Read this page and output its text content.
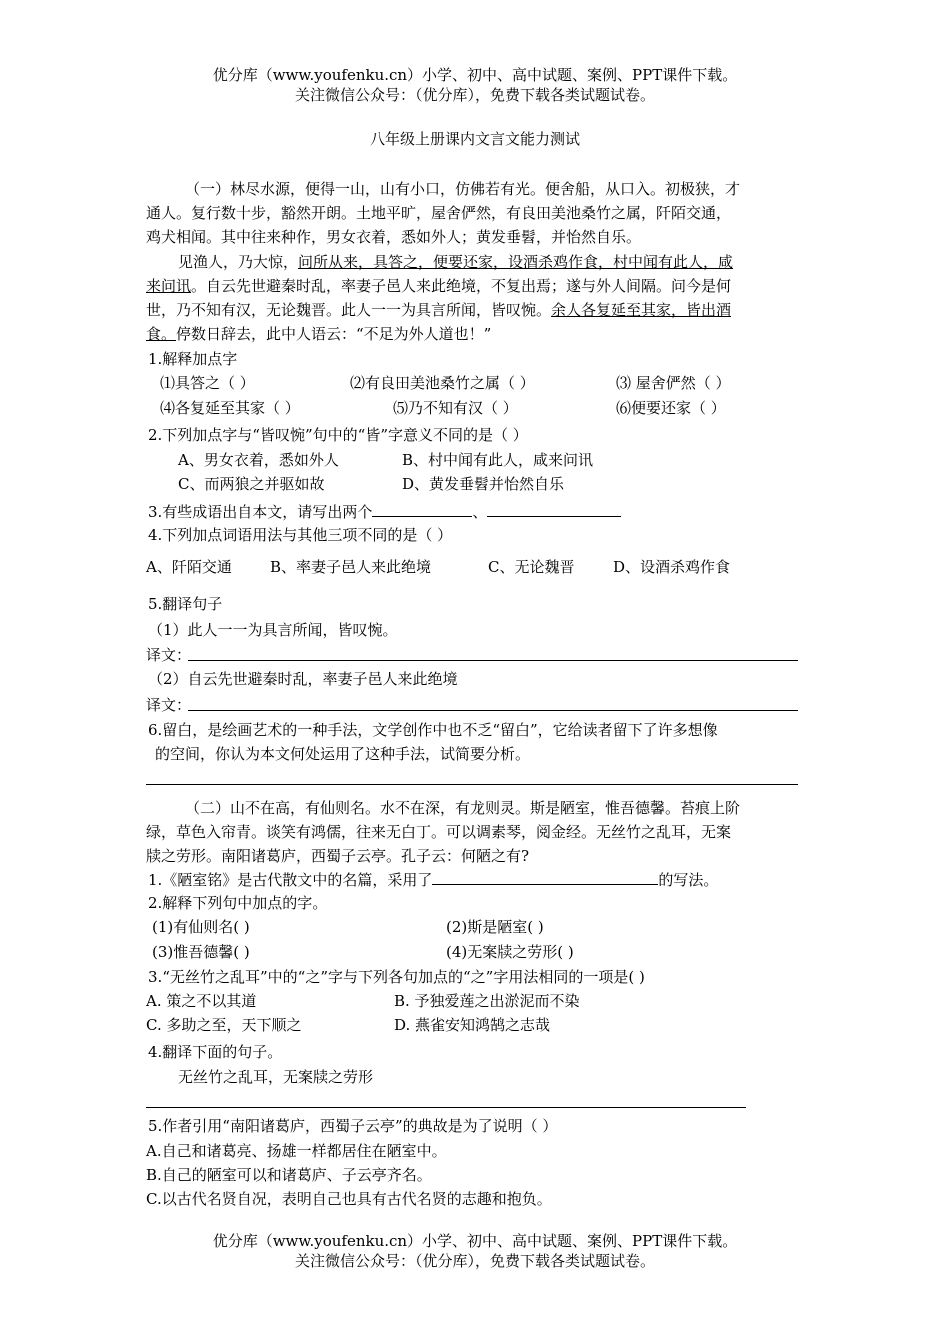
优分库（www.youfenku.cn）小学、初中、高中试题、案例、PPT课件下载。
关注微信公众号：（优分库），免费下载各类试题试卷。
八年级上册课内文言文能力测试
（一）林尽水源，便得一山，山有小口，仿佛若有光。便舍船，从口入。初极狭，才
通人。复行数十步，豁然开朗。土地平旷，屋舍俨然，有良田美池桑竹之属，阡陌交通，
鸡犬相闻。其中往来种作，男女衣着，悉如外人；黄发垂髫，并怡然自乐。
见渔人，乃大惊，问所从来，具答之，便要还家，设酒杀鸡作食，村中闻有此人，咸
来问讯。自云先世避秦时乱，率妻子邑人来此绝境，不复出焉；遂与外人间隔。问今是何
世，乃不知有汉，无论魏晋。此人一一为具言所闻，皆叹惋。余人各复延至其家，皆出酒
食。停数日辞去，此中人语云：“不足为外人道也！”
1.解释加点字
⑴具答之（ ）	⑵有良田美池桑竹之属（ ）	⑶ 屋舍俨然（ ）
⑷各复延至其家（ ）	⑸乃不知有汉（ ）	⑹便要还家（ ）
2.下列加点字与“皆叹惋”句中的“皆”字意义不同的是（ ）
A、男女衣着，悉如外人	B、村中闻有此人，咸来问讯
C、而两狼之并驱如故	D、黄发垂髫并怡然自乐
3.有些成语出自本文，请写出两个	、
4.下列加点词语用法与其他三项不同的是（ ）
A、阡陌交通	B、率妻子邑人来此绝境	C、无论魏晋	D、设酒杀鸡作食
5.翻译句子
（1）此人一一为具言所闻，皆叹惋。
译文：
（2）自云先世避秦时乱，率妻子邑人来此绝境
译文：
6.留白，是绘画艺术的一种手法，文学创作中也不乏“留白”，它给读者留下了许多想像
的空间，你认为本文何处运用了这种手法，试简要分析。
（二）山不在高，有仙则名。水不在深，有龙则灵。斯是陋室，惟吾德馨。苔痕上阶
绿，草色入帘青。谈笑有鸿儒，往来无白丁。可以调素琴，阅金经。无丝竹之乱耳，无案
牍之劳形。南阳诸葛庐，西蜀子云亭。孔子云：何陋之有?
1.《陋室铭》是古代散文中的名篇，采用了	的写法。
2.解释下列句中加点的字。
(1)有仙则名( )	(2)斯是陋室( )
(3)惟吾德馨( )	(4)无案牍之劳形( )
3.“无丝竹之乱耳”中的“之”字与下列各句加点的“之”字用法相同的一项是( )
A. 策之不以其道	B. 予独爱莲之出淤泥而不染
C. 多助之至，天下顺之	D. 燕雀安知鸿鹄之志哉
4.翻译下面的句子。
无丝竹之乱耳，无案牍之劳形
5.作者引用“南阳诸葛庐，西蜀子云亭”的典故是为了说明（ ）
A.自己和诸葛亮、扬雄一样都居住在陋室中。
B.自己的陋室可以和诸葛庐、子云亭齐名。
C.以古代名贤自况，表明自己也具有古代名贤的志趣和抱负。
优分库（www.youfenku.cn）小学、初中、高中试题、案例、PPT课件下载。
关注微信公众号：（优分库），免费下载各类试题试卷。
